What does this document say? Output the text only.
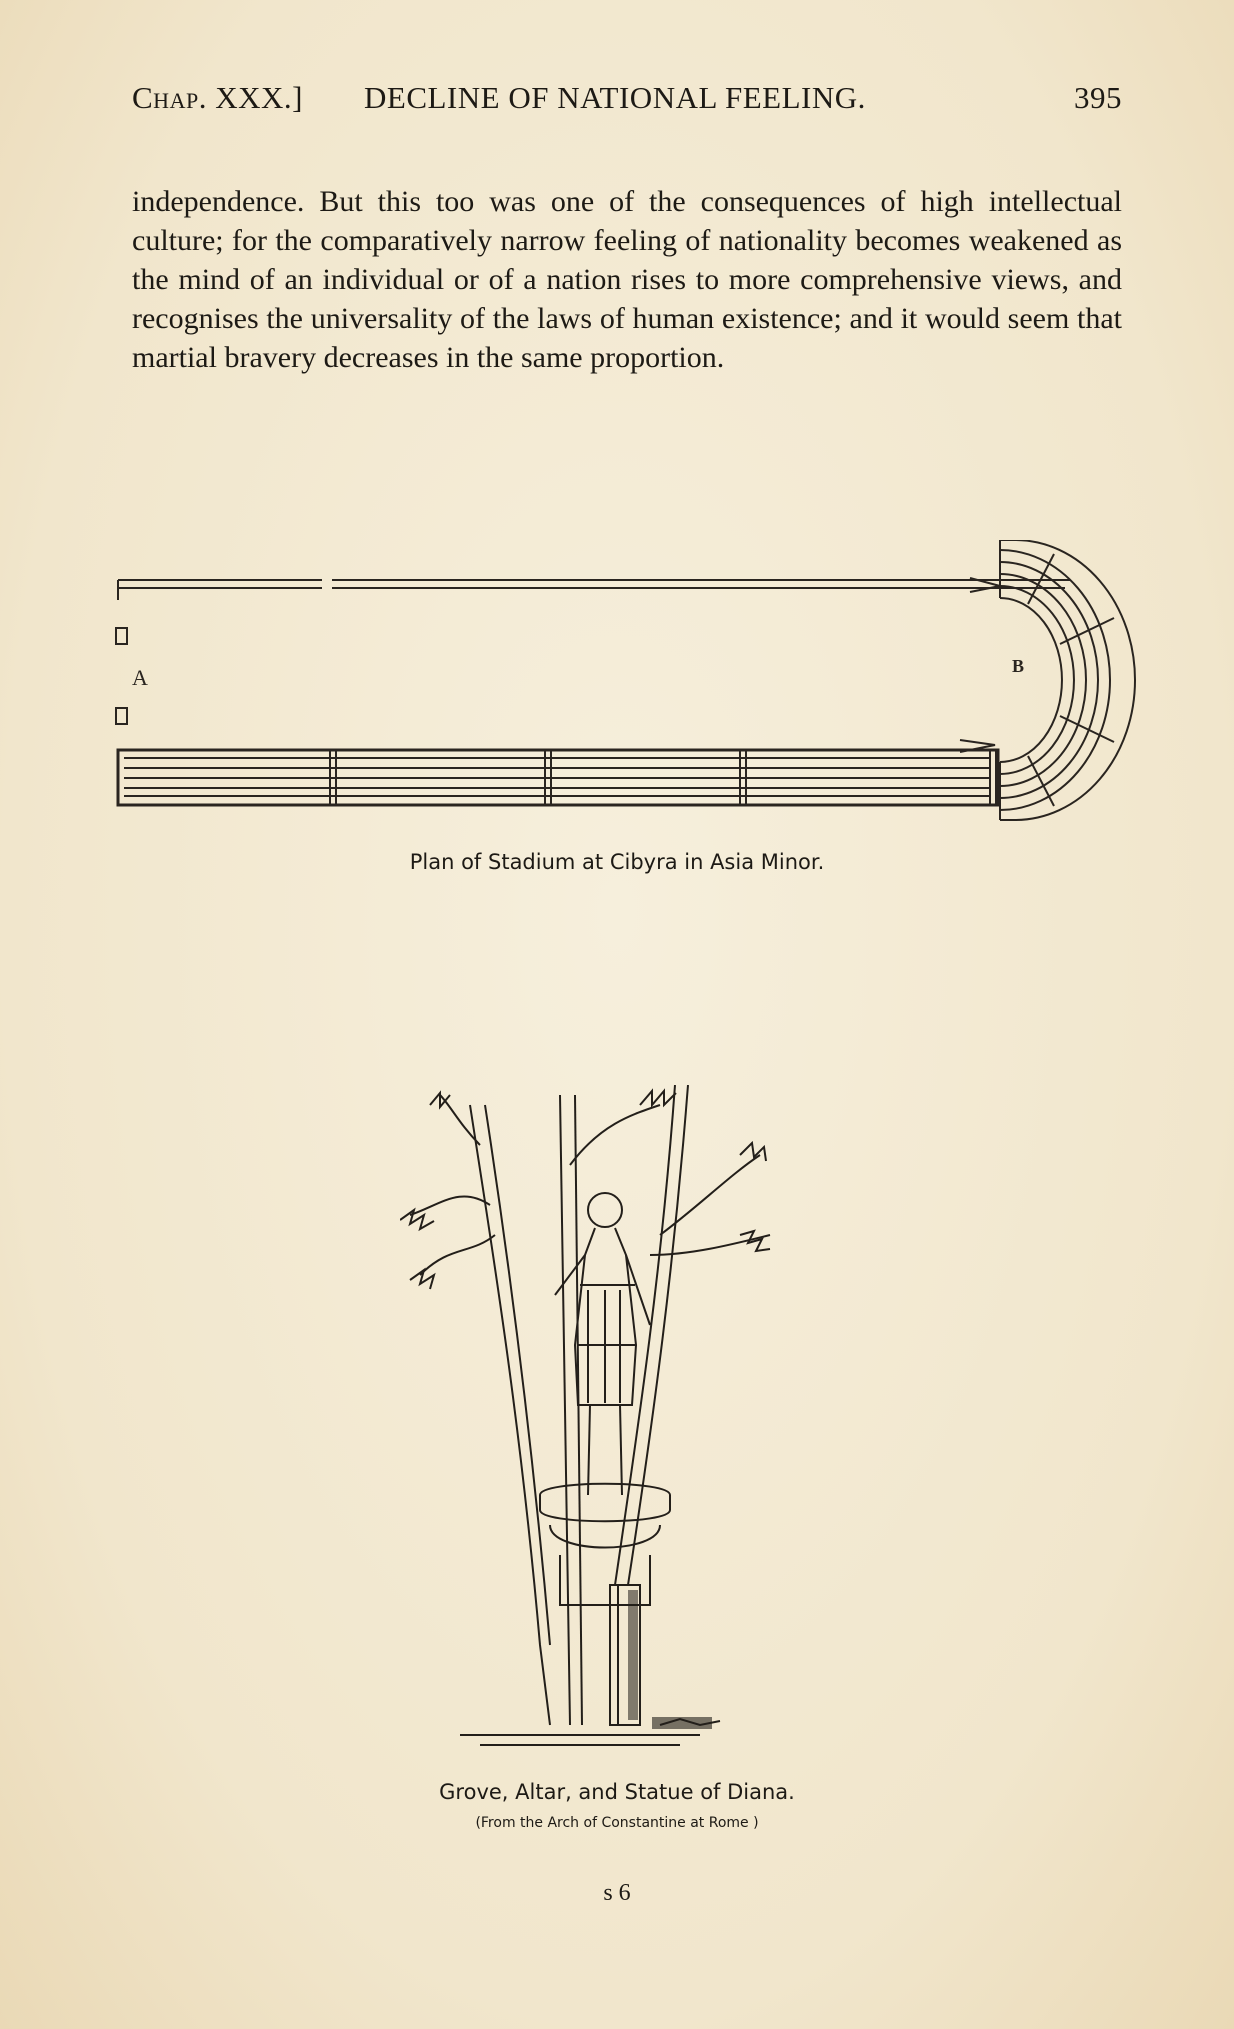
Chap. XXX.] DECLINE OF NATIONAL FEELING.	395

independence. But this too was one of the consequences of high intellectual culture; for the comparatively narrow feeling of nationality becomes weakened as the mind of an individual or of a nation rises to more comprehensive views, and recognises the universality of the laws of human existence; and it would seem that martial bravery decreases in the same proportion.

A	B
Plan of Stadium at Cibyra in Asia Minor.
Grove, Altar, and Statue of Diana.
(From the Arch of Constantine at Rome )
s 6
